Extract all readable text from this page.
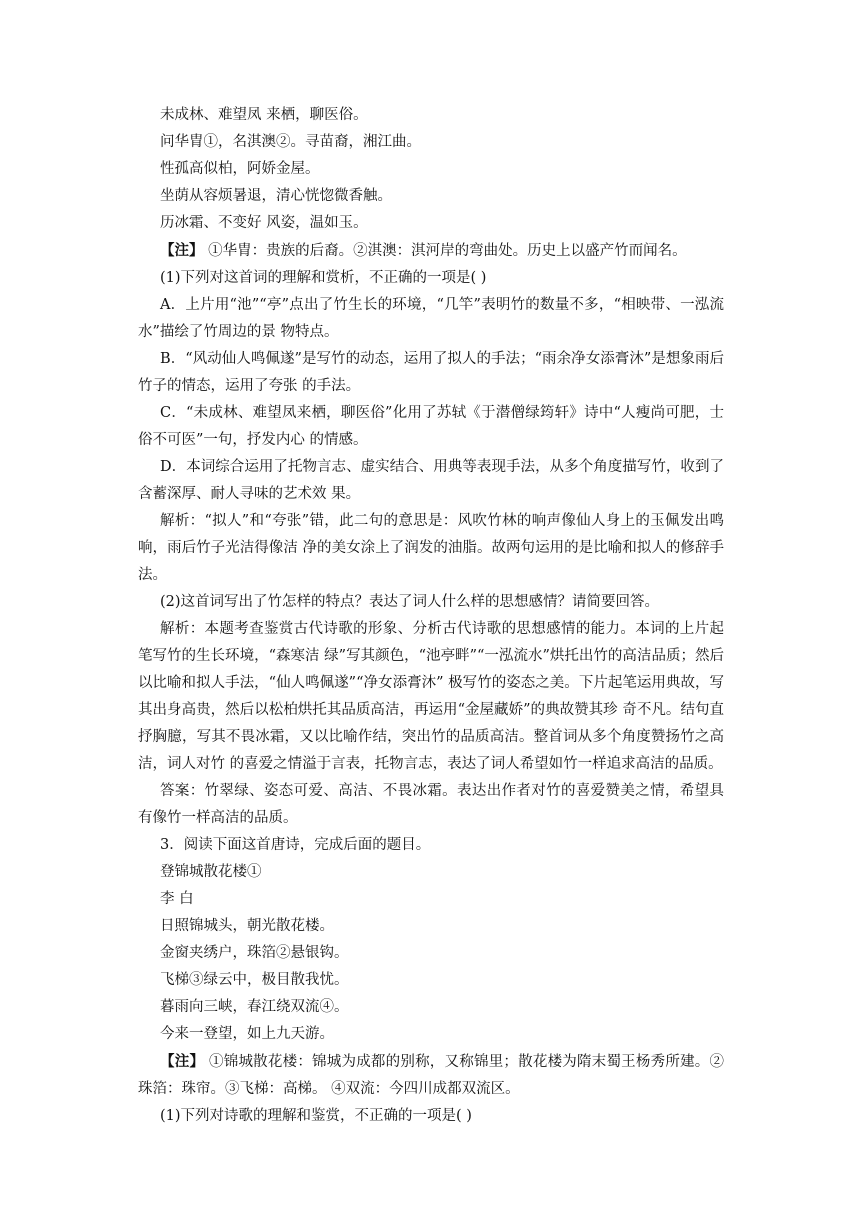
未成林、难望凤 来栖，聊医俗。

问华胄①，名淇澳②。寻苗裔，湘江曲。

性孤高似柏，阿娇金屋。

坐荫从容烦暑退，清心恍惚微香触。

历冰霜、不变好 风姿，温如玉。

【注】 ①华胄：贵族的后裔。②淇澳：淇河岸的弯曲处。历史上以盛产竹而闻名。

(1)下列对这首词的理解和赏析，不正确的一项是( )

A．上片用“池”“亭”点出了竹生长的环境，“几竿”表明竹的数量不多，“相映带、一泓流水”描绘了竹周边的景 物特点。

B．“风动仙人鸣佩遂”是写竹的动态，运用了拟人的手法；“雨余净女添膏沐”是想象雨后竹子的情态，运用了夸张 的手法。

C．“未成林、难望凤来栖，聊医俗”化用了苏轼《于潜僧绿筠轩》诗中“人瘦尚可肥，士俗不可医”一句，抒发内心 的情感。

D．本词综合运用了托物言志、虚实结合、用典等表现手法，从多个角度描写竹，收到了含蓄深厚、耐人寻味的艺术效 果。

解析：“拟人”和“夸张”错，此二句的意思是：风吹竹林的响声像仙人身上的玉佩发出鸣响，雨后竹子光洁得像洁 净的美女涂上了润发的油脂。故两句运用的是比喻和拟人的修辞手法。

(2)这首词写出了竹怎样的特点？表达了词人什么样的思想感情？请简要回答。

解析：本题考查鉴赏古代诗歌的形象、分析古代诗歌的思想感情的能力。本词的上片起笔写竹的生长环境，“森寒洁 绿”写其颜色，“池亭畔”“一泓流水”烘托出竹的高洁品质；然后以比喻和拟人手法，“仙人鸣佩遂”“净女添膏沐” 极写竹的姿态之美。下片起笔运用典故，写其出身高贵，然后以松柏烘托其品质高洁，再运用“金屋藏娇”的典故赞其珍 奇不凡。结句直抒胸臆，写其不畏冰霜，又以比喻作结，突出竹的品质高洁。整首词从多个角度赞扬竹之高洁，词人对竹 的喜爱之情溢于言表，托物言志，表达了词人希望如竹一样追求高洁的品质。

答案：竹翠绿、姿态可爱、高洁、不畏冰霜。表达出作者对竹的喜爱赞美之情，希望具有像竹一样高洁的品质。

3．阅读下面这首唐诗，完成后面的题目。

登锦城散花楼①

李 白

日照锦城头，朝光散花楼。

金窗夹绣户，珠箔②悬银钩。

飞梯③绿云中，极目散我忧。

暮雨向三峡，春江绕双流④。

今来一登望，如上九天游。

【注】 ①锦城散花楼：锦城为成都的别称，又称锦里；散花楼为隋末蜀王杨秀所建。②珠箔：珠帘。③飞梯：高梯。 ④双流：今四川成都双流区。

(1)下列对诗歌的理解和鉴赏，不正确的一项是( )
